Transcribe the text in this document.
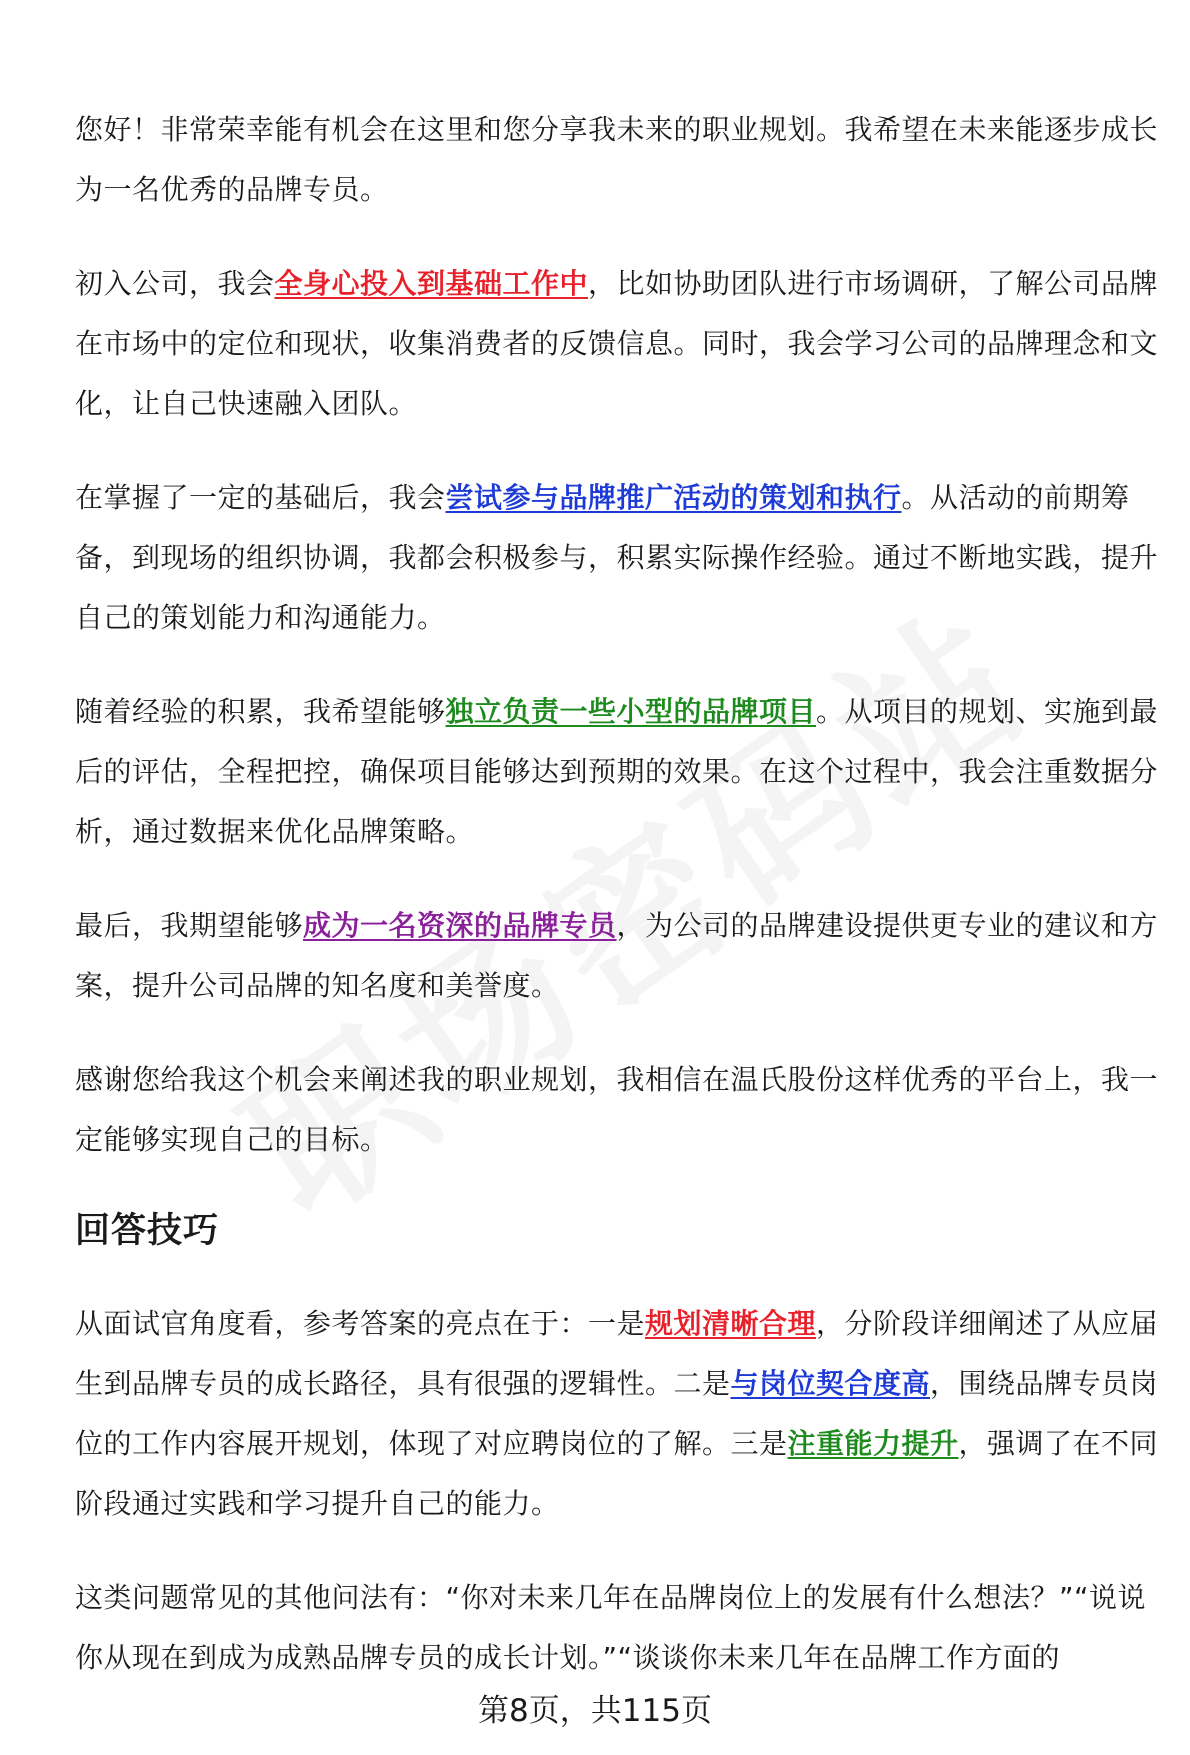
您好！非常荣幸能有机会在这里和您分享我未来的职业规划。我希望在未来能逐步成长为一名优秀的品牌专员。

初入公司，我会全身心投入到基础工作中，比如协助团队进行市场调研，了解公司品牌在市场中的定位和现状，收集消费者的反馈信息。同时，我会学习公司的品牌理念和文化，让自己快速融入团队。

在掌握了一定的基础后，我会尝试参与品牌推广活动的策划和执行。从活动的前期筹备，到现场的组织协调，我都会积极参与，积累实际操作经验。通过不断地实践，提升自己的策划能力和沟通能力。

随着经验的积累，我希望能够独立负责一些小型的品牌项目。从项目的规划、实施到最后的评估，全程把控，确保项目能够达到预期的效果。在这个过程中，我会注重数据分析，通过数据来优化品牌策略。

最后，我期望能够成为一名资深的品牌专员，为公司的品牌建设提供更专业的建议和方案，提升公司品牌的知名度和美誉度。

感谢您给我这个机会来阐述我的职业规划，我相信在温氏股份这样优秀的平台上，我一定能够实现自己的目标。

回答技巧

从面试官角度看，参考答案的亮点在于：一是规划清晰合理，分阶段详细阐述了从应届生到品牌专员的成长路径，具有很强的逻辑性。二是与岗位契合度高，围绕品牌专员岗位的工作内容展开规划，体现了对应聘岗位的了解。三是注重能力提升，强调了在不同阶段通过实践和学习提升自己的能力。

这类问题常见的其他问法有：“你对未来几年在品牌岗位上的发展有什么想法？”“说说你从现在到成为成熟品牌专员的成长计划。”“谈谈你未来几年在品牌工作方面的

第8页，共115页
